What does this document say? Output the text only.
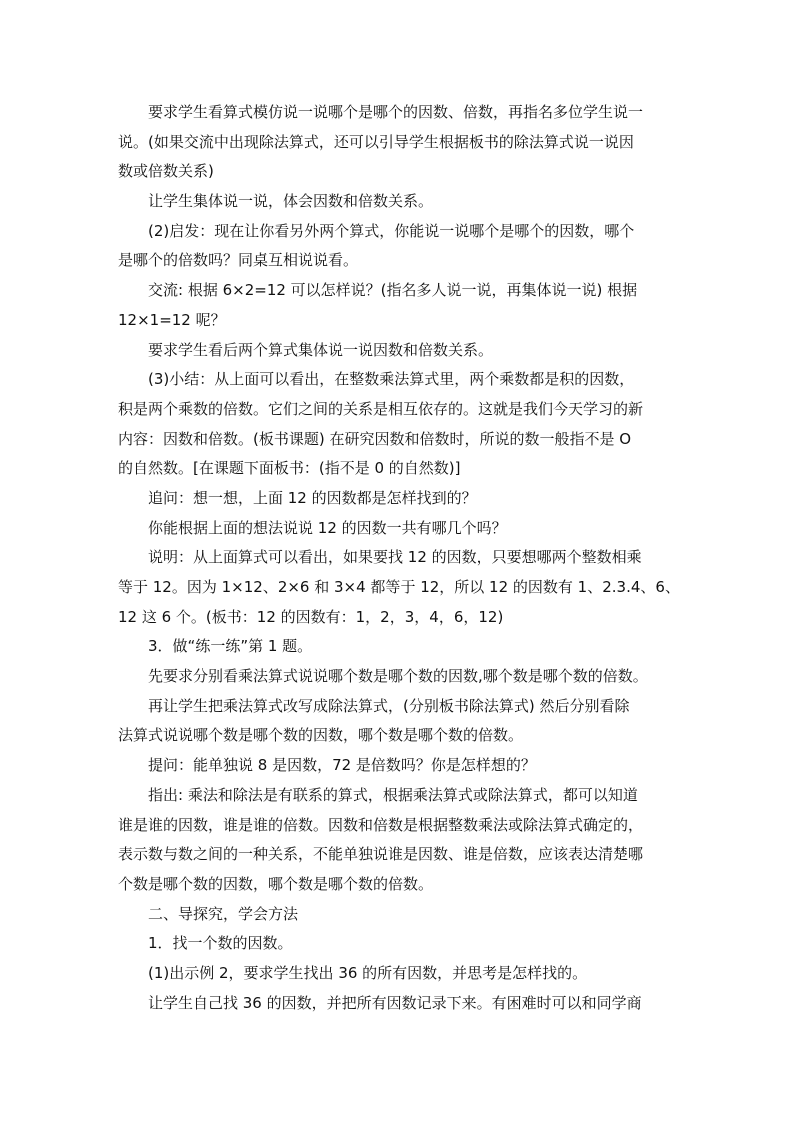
要求学生看算式模仿说一说哪个是哪个的因数、倍数，再指名多位学生说一
说。(如果交流中出现除法算式，还可以引导学生根据板书的除法算式说一说因
数或倍数关系)
让学生集体说一说，体会因数和倍数关系。
(2)启发：现在让你看另外两个算式，你能说一说哪个是哪个的因数，哪个
是哪个的倍数吗？同桌互相说说看。
交流: 根据 6×2=12 可以怎样说？(指名多人说一说，再集体说一说) 根据
12×1=12 呢？
要求学生看后两个算式集体说一说因数和倍数关系。
(3)小结：从上面可以看出，在整数乘法算式里，两个乘数都是积的因数，
积是两个乘数的倍数。它们之间的关系是相互依存的。这就是我们今天学习的新
内容：因数和倍数。(板书课题) 在研究因数和倍数时，所说的数一般指不是 O
的自然数。[在课题下面板书：(指不是 0 的自然数)]
追问：想一想，上面 12 的因数都是怎样找到的？
你能根据上面的想法说说 12 的因数一共有哪几个吗？
说明：从上面算式可以看出，如果要找 12 的因数，只要想哪两个整数相乘
等于 12。因为 1×12、2×6 和 3×4 都等于 12，所以 12 的因数有 1、2.3.4、6、
12 这 6 个。(板书：12 的因数有：1，2，3，4，6，12)
3．做“练一练”第 1 题。
先要求分别看乘法算式说说哪个数是哪个数的因数,哪个数是哪个数的倍数。
再让学生把乘法算式改写成除法算式，(分别板书除法算式) 然后分别看除
法算式说说哪个数是哪个数的因数，哪个数是哪个数的倍数。
提问：能单独说 8 是因数，72 是倍数吗？你是怎样想的？
指出: 乘法和除法是有联系的算式，根据乘法算式或除法算式，都可以知道
谁是谁的因数，谁是谁的倍数。因数和倍数是根据整数乘法或除法算式确定的，
表示数与数之间的一种关系，不能单独说谁是因数、谁是倍数，应该表达清楚哪
个数是哪个数的因数，哪个数是哪个数的倍数。
二、导探究，学会方法
1．找一个数的因数。
(1)出示例 2，要求学生找出 36 的所有因数，并思考是怎样找的。
让学生自己找 36 的因数，并把所有因数记录下来。有困难时可以和同学商
